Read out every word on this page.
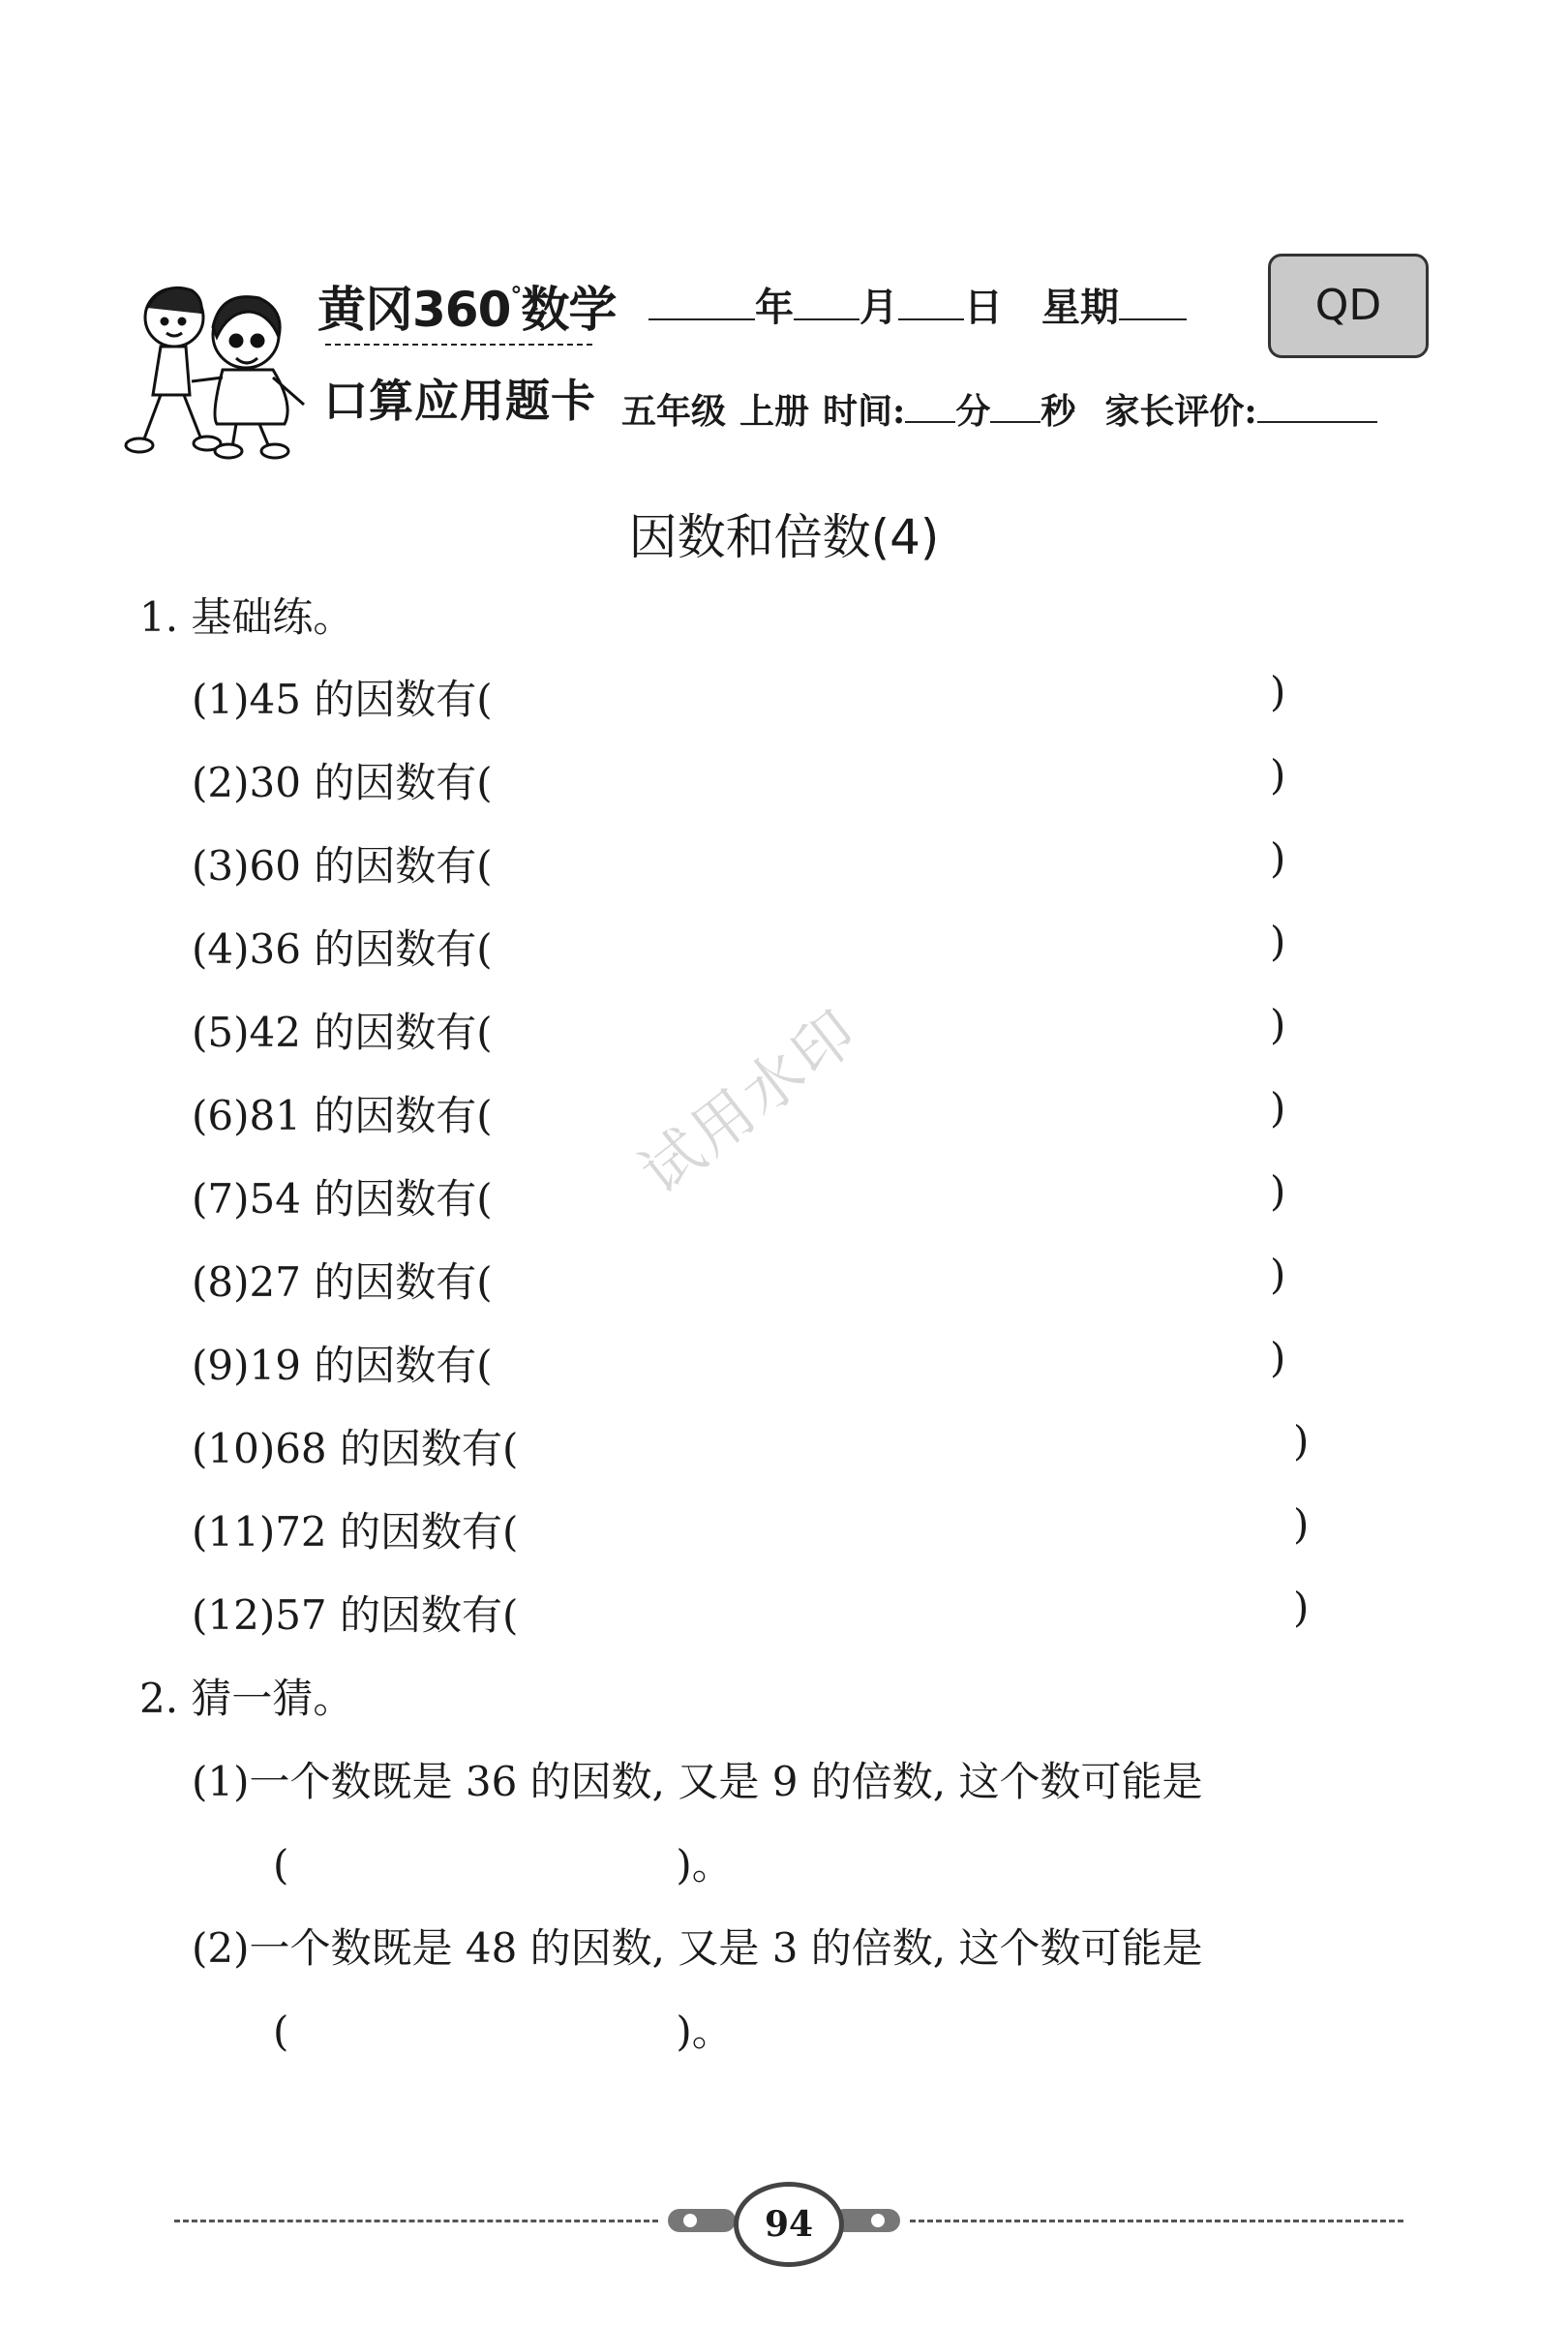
黄冈360°数学
口算应用题卡
年 月 日 星期	QD
五年级 上册 时间: 分 秒 家长评价:
因数和倍数(4)
试用水印
1. 基础练。
(1)45 的因数有(	)
(2)30 的因数有(	)
(3)60 的因数有(	)
(4)36 的因数有(	)
(5)42 的因数有(	)
(6)81 的因数有(	)
(7)54 的因数有(	)
(8)27 的因数有(	)
(9)19 的因数有(	)
(10)68 的因数有(	)
(11)72 的因数有(	)
(12)57 的因数有(	)
2. 猜一猜。
(1)一个数既是 36 的因数, 又是 9 的倍数, 这个数可能是
(	)。
(2)一个数既是 48 的因数, 又是 3 的倍数, 这个数可能是
(	)。
94
